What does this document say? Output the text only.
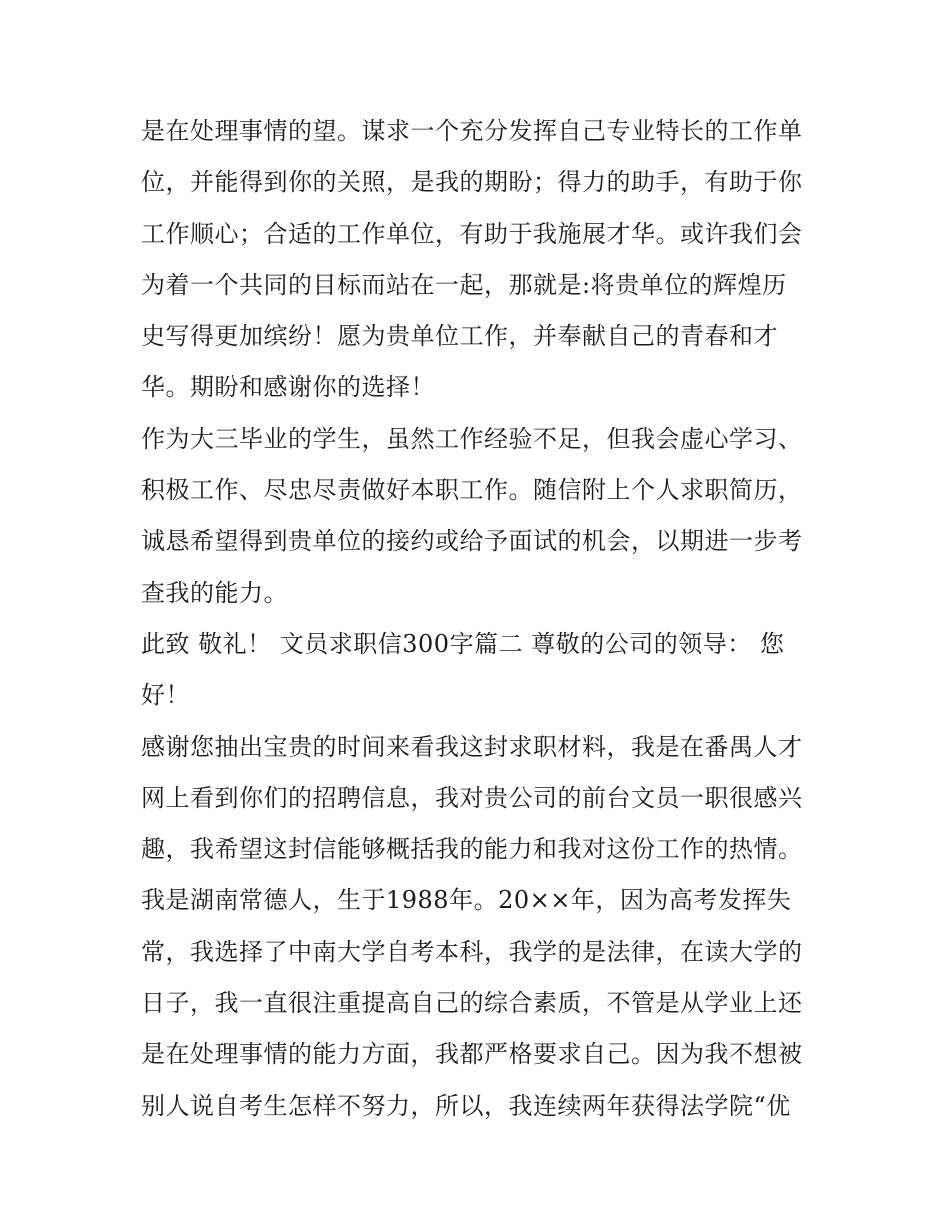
是在处理事情的望。谋求一个充分发挥自己专业特长的工作单
位，并能得到你的关照，是我的期盼；得力的助手，有助于你
工作顺心；合适的工作单位，有助于我施展才华。或许我们会
为着一个共同的目标而站在一起，那就是:将贵单位的辉煌历
史写得更加缤纷！愿为贵单位工作，并奉献自己的青春和才
华。期盼和感谢你的选择！
作为大三毕业的学生，虽然工作经验不足，但我会虚心学习、
积极工作、尽忠尽责做好本职工作。随信附上个人求职简历，
诚恳希望得到贵单位的接约或给予面试的机会，以期进一步考
查我的能力。
此致 敬礼！ 文员求职信300字篇二 尊敬的公司的领导： 您
好！
感谢您抽出宝贵的时间来看我这封求职材料，我是在番禺人才
网上看到你们的招聘信息，我对贵公司的前台文员一职很感兴
趣，我希望这封信能够概括我的能力和我对这份工作的热情。
我是湖南常德人，生于1988年。20××年，因为高考发挥失
常，我选择了中南大学自考本科，我学的是法律，在读大学的
日子，我一直很注重提高自己的综合素质，不管是从学业上还
是在处理事情的能力方面，我都严格要求自己。因为我不想被
别人说自考生怎样不努力，所以，我连续两年获得法学院“优
